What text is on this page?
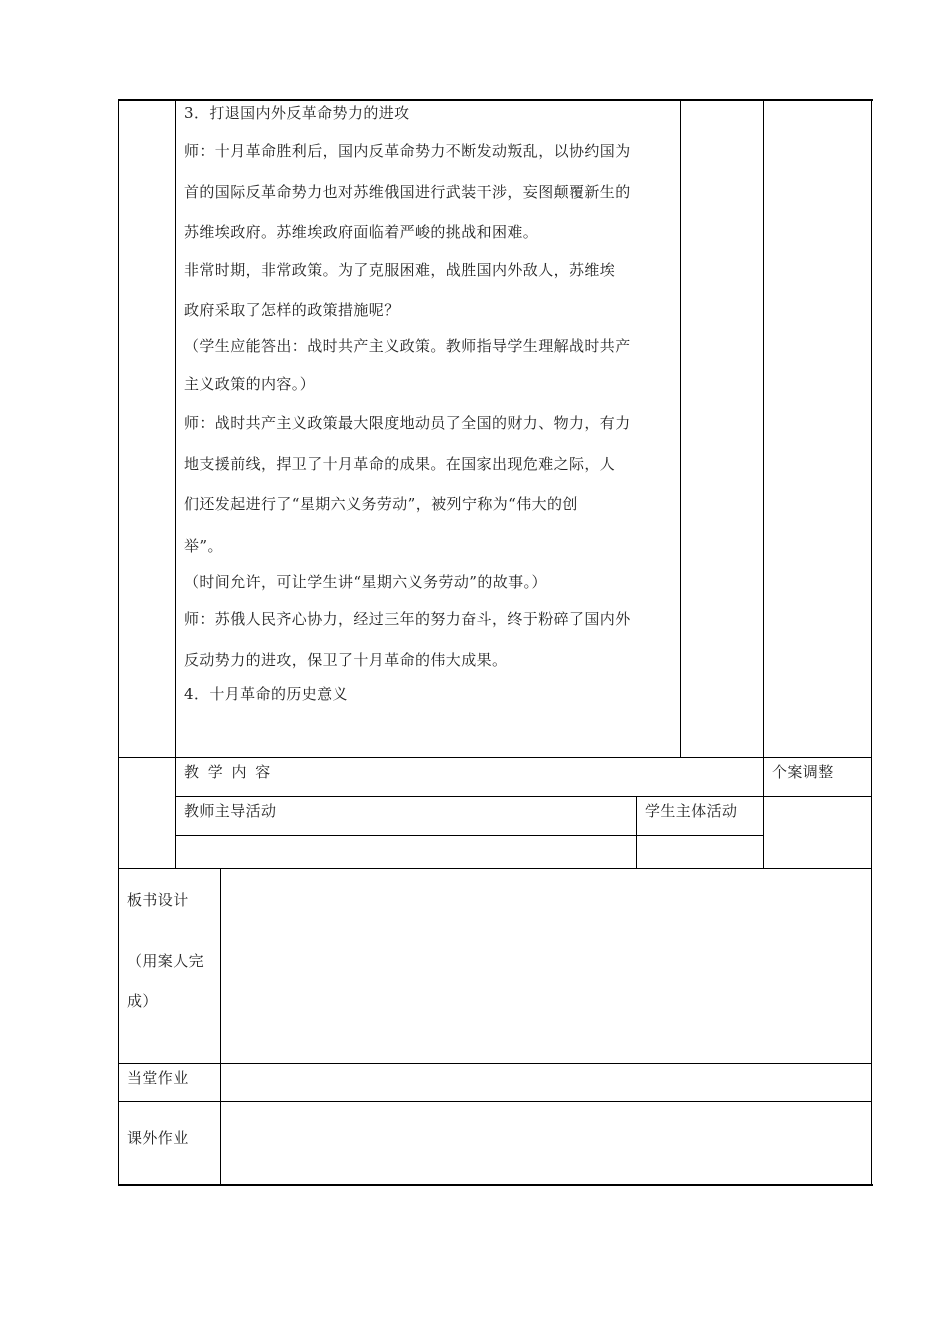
3．打退国内外反革命势力的进攻
师：十月革命胜利后，国内反革命势力不断发动叛乱，以协约国为
首的国际反革命势力也对苏维俄国进行武装干涉，妄图颠覆新生的
苏维埃政府。苏维埃政府面临着严峻的挑战和困难。
非常时期，非常政策。为了克服困难，战胜国内外敌人，苏维埃
政府采取了怎样的政策措施呢？
（学生应能答出：战时共产主义政策。教师指导学生理解战时共产
主义政策的内容。）
师：战时共产主义政策最大限度地动员了全国的财力、物力，有力
地支援前线，捍卫了十月革命的成果。在国家出现危难之际，人
们还发起进行了“星期六义务劳动”，被列宁称为“伟大的创
举”。
（时间允许，可让学生讲“星期六义务劳动”的故事。）
师：苏俄人民齐心协力，经过三年的努力奋斗，终于粉碎了国内外
反动势力的进攻，保卫了十月革命的伟大成果。
4．十月革命的历史意义
教 学 内 容	个案调整
教师主导活动	学生主体活动
板书设计
（用案人完
成）
当堂作业
课外作业
